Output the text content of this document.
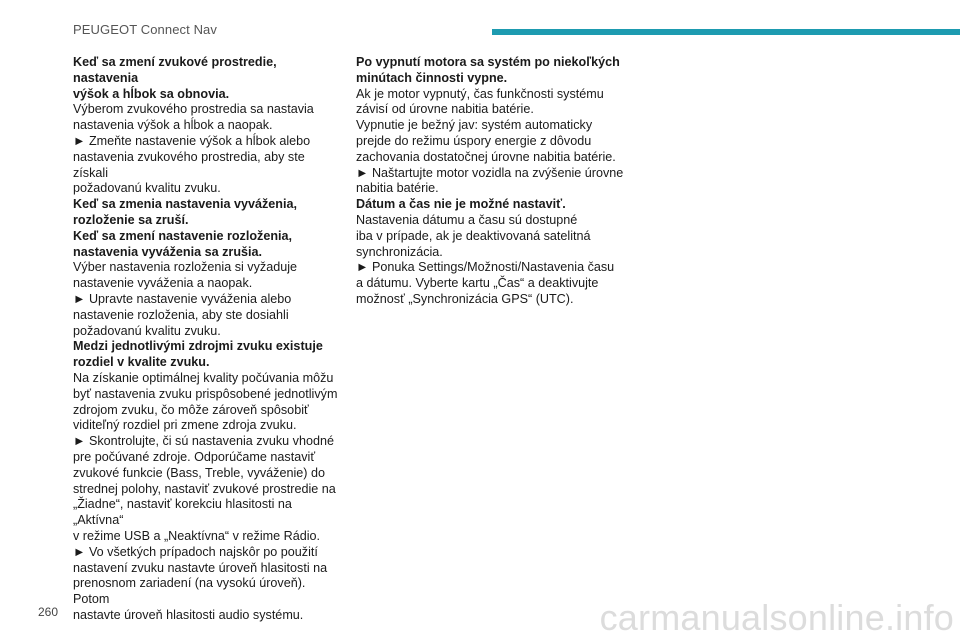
PEUGEOT Connect Nav
Keď sa zmení zvukové prostredie, nastavenia
výšok a hĺbok sa obnovia.
Výberom zvukového prostredia sa nastavia
nastavenia výšok a hĺbok a naopak.
► Zmeňte nastavenie výšok a hĺbok alebo
nastavenia zvukového prostredia, aby ste získali
požadovanú kvalitu zvuku.
Keď sa zmenia nastavenia vyváženia,
rozloženie sa zruší.
Keď sa zmení nastavenie rozloženia,
nastavenia vyváženia sa zrušia.
Výber nastavenia rozloženia si vyžaduje
nastavenie vyváženia a naopak.
► Upravte nastavenie vyváženia alebo
nastavenie rozloženia, aby ste dosiahli
požadovanú kvalitu zvuku.
Medzi jednotlivými zdrojmi zvuku existuje
rozdiel v kvalite zvuku.
Na získanie optimálnej kvality počúvania môžu
byť nastavenia zvuku prispôsobené jednotlivým
zdrojom zvuku, čo môže zároveň spôsobiť
viditeľný rozdiel pri zmene zdroja zvuku.
► Skontrolujte, či sú nastavenia zvuku vhodné
pre počúvané zdroje. Odporúčame nastaviť
zvukové funkcie (Bass, Treble, vyváženie) do
strednej polohy, nastaviť zvukové prostredie na
„Žiadne“, nastaviť korekciu hlasitosti na „Aktívna“
v režime USB a „Neaktívna“ v režime Rádio.
► Vo všetkých prípadoch najskôr po použití
nastavení zvuku nastavte úroveň hlasitosti na
prenosnom zariadení (na vysokú úroveň). Potom
nastavte úroveň hlasitosti audio systému.
Po vypnutí motora sa systém po niekoľkých
minútach činnosti vypne.
Ak je motor vypnutý, čas funkčnosti systému
závisí od úrovne nabitia batérie.
Vypnutie je bežný jav: systém automaticky
prejde do režimu úspory energie z dôvodu
zachovania dostatočnej úrovne nabitia batérie.
► Naštartujte motor vozidla na zvýšenie úrovne
nabitia batérie.
Dátum a čas nie je možné nastaviť.
Nastavenia dátumu a času sú dostupné
iba v prípade, ak je deaktivovaná satelitná
synchronizácia.
► Ponuka Settings/Možnosti/Nastavenia času
a dátumu. Vyberte kartu „Čas“ a deaktivujte
možnosť „Synchronizácia GPS“ (UTC).
260	carmanualsonline.info
